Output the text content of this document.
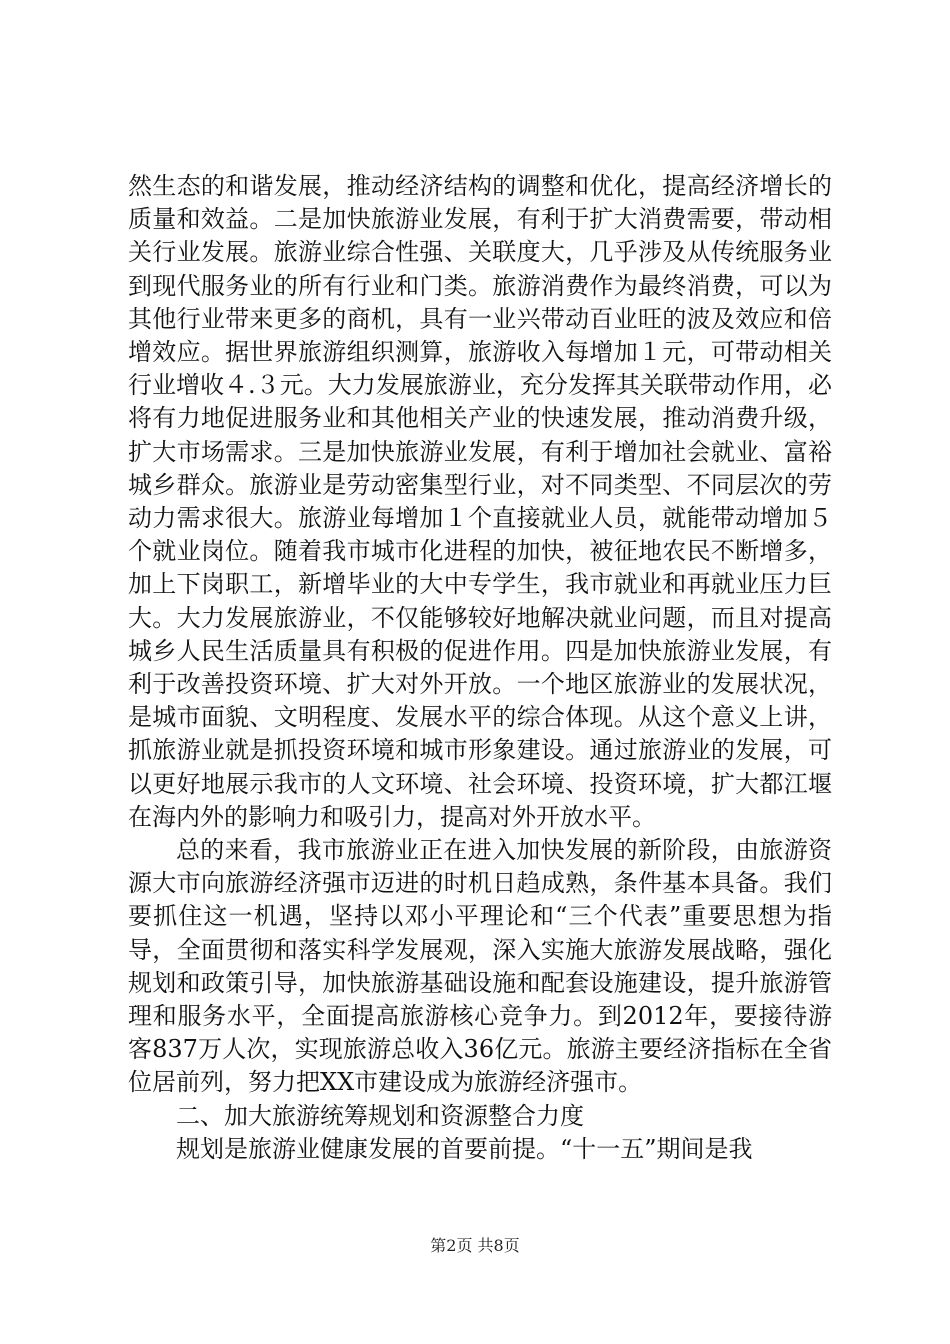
然生态的和谐发展，推动经济结构的调整和优化，提高经济增长的质量和效益。二是加快旅游业发展，有利于扩大消费需要，带动相关行业发展。旅游业综合性强、关联度大，几乎涉及从传统服务业到现代服务业的所有行业和门类。旅游消费作为最终消费，可以为其他行业带来更多的商机，具有一业兴带动百业旺的波及效应和倍增效应。据世界旅游组织测算，旅游收入每增加１元，可带动相关行业增收４.３元。大力发展旅游业，充分发挥其关联带动作用，必将有力地促进服务业和其他相关产业的快速发展，推动消费升级，扩大市场需求。三是加快旅游业发展，有利于增加社会就业、富裕城乡群众。旅游业是劳动密集型行业，对不同类型、不同层次的劳动力需求很大。旅游业每增加１个直接就业人员，就能带动增加５个就业岗位。随着我市城市化进程的加快，被征地农民不断增多，加上下岗职工，新增毕业的大中专学生，我市就业和再就业压力巨大。大力发展旅游业，不仅能够较好地解决就业问题，而且对提高城乡人民生活质量具有积极的促进作用。四是加快旅游业发展，有利于改善投资环境、扩大对外开放。一个地区旅游业的发展状况，是城市面貌、文明程度、发展水平的综合体现。从这个意义上讲，抓旅游业就是抓投资环境和城市形象建设。通过旅游业的发展，可以更好地展示我市的人文环境、社会环境、投资环境，扩大都江堰在海内外的影响力和吸引力，提高对外开放水平。

总的来看，我市旅游业正在进入加快发展的新阶段，由旅游资源大市向旅游经济强市迈进的时机日趋成熟，条件基本具备。我们要抓住这一机遇，坚持以邓小平理论和“三个代表”重要思想为指导，全面贯彻和落实科学发展观，深入实施大旅游发展战略，强化规划和政策引导，加快旅游基础设施和配套设施建设，提升旅游管理和服务水平，全面提高旅游核心竞争力。到2012年，要接待游客837万人次，实现旅游总收入36亿元。旅游主要经济指标在全省位居前列，努力把XX市建设成为旅游经济强市。

二、加大旅游统筹规划和资源整合力度

规划是旅游业健康发展的首要前提。“十一五”期间是我

第2页 共8页
